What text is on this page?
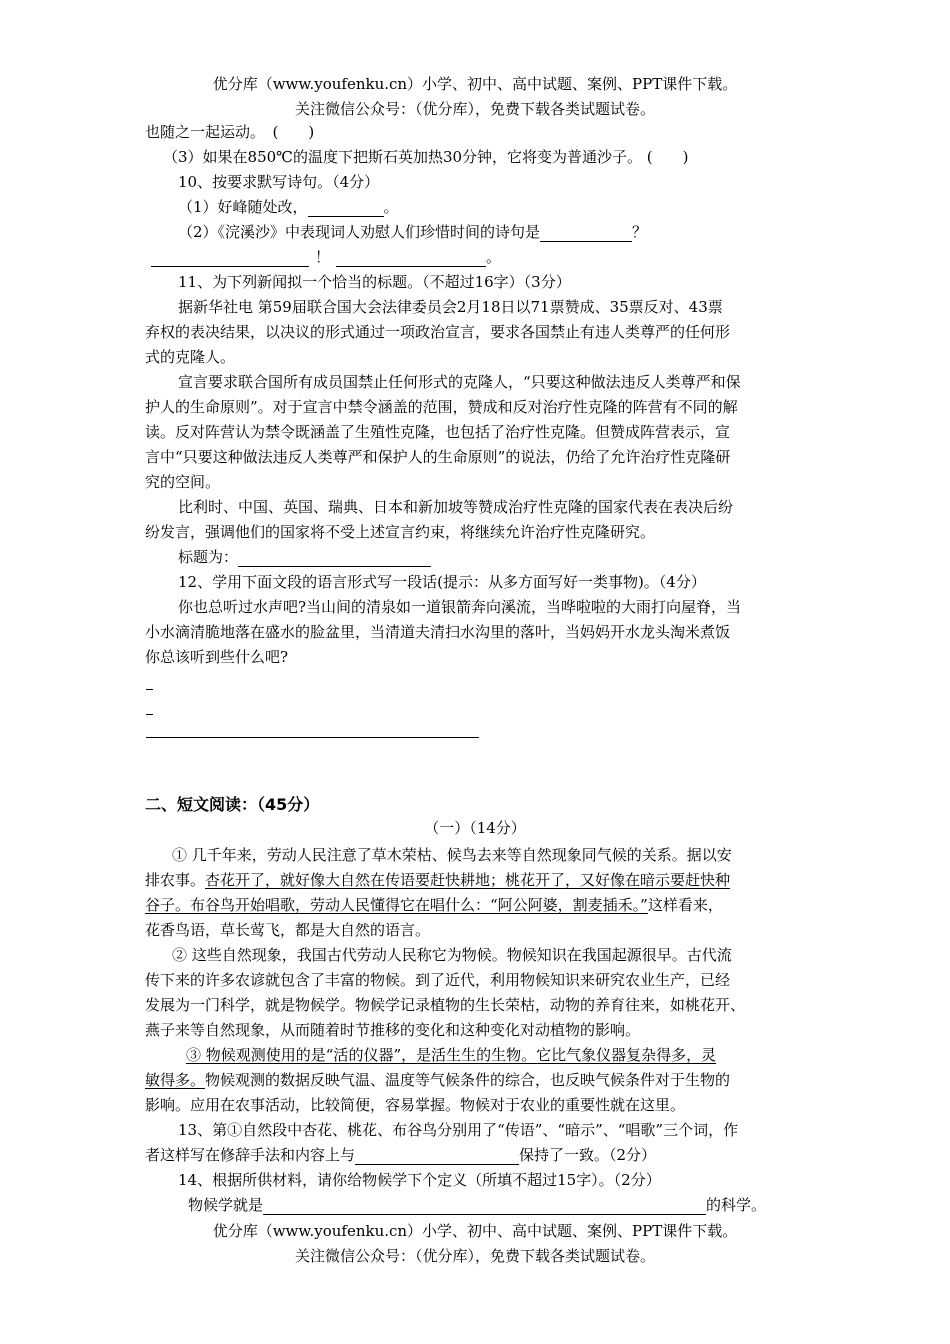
优分库（www.youfenku.cn）小学、初中、高中试题、案例、PPT课件下载。
关注微信公众号：（优分库），免费下载各类试题试卷。
也随之一起运动。　(　　)
（3）如果在850℃的温度下把斯石英加热30分钟，它将变为普通沙子。 (　　)
10、按要求默写诗句。（4分）
（1）好峰随处改，	。
（2）《浣溪沙》中表现词人劝慰人们珍惜时间的诗句是	？
！	。
11、为下列新闻拟一个恰当的标题。（不超过16字）（3分）
据新华社电 第59届联合国大会法律委员会2月18日以71票赞成、35票反对、43票
弃权的表决结果，以决议的形式通过一项政治宣言，要求各国禁止有违人类尊严的任何形
式的克隆人。
宣言要求联合国所有成员国禁止任何形式的克隆人，“只要这种做法违反人类尊严和保
护人的生命原则”。对于宣言中禁令涵盖的范围，赞成和反对治疗性克隆的阵营有不同的解
读。反对阵营认为禁令既涵盖了生殖性克隆，也包括了治疗性克隆。但赞成阵营表示，宣
言中“只要这种做法违反人类尊严和保护人的生命原则”的说法，仍给了允许治疗性克隆研
究的空间。
比利时、中国、英国、瑞典、日本和新加坡等赞成治疗性克隆的国家代表在表决后纷
纷发言，强调他们的国家将不受上述宣言约束，将继续允许治疗性克隆研究。
标题为：
12、学用下面文段的语言形式写一段话(提示：从多方面写好一类事物)。（4分）
你也总听过水声吧?当山间的清泉如一道银箭奔向溪流，当哗啦啦的大雨打向屋脊，当
小水滴清脆地落在盛水的脸盆里，当清道夫清扫水沟里的落叶，当妈妈开水龙头淘米煮饭
你总该听到些什么吧?
二、短文阅读：（45分）
（一）（14分）
① 几千年来，劳动人民注意了草木荣枯、候鸟去来等自然现象同气候的关系。据以安
排农事。杏花开了，就好像大自然在传语要赶快耕地；桃花开了，又好像在暗示要赶快种
谷子。布谷鸟开始唱歌，劳动人民懂得它在唱什么：“阿公阿婆，割麦插禾。”这样看来，
花香鸟语，草长莺飞，都是大自然的语言。
② 这些自然现象，我国古代劳动人民称它为物候。物候知识在我国起源很早。古代流
传下来的许多农谚就包含了丰富的物候。到了近代，利用物候知识来研究农业生产，已经
发展为一门科学，就是物候学。物候学记录植物的生长荣枯，动物的养育往来，如桃花开、
燕子来等自然现象，从而随着时节推移的变化和这种变化对动植物的影响。
③ 物候观测使用的是“活的仪器”，是活生生的生物。它比气象仪器复杂得多，灵
敏得多。物候观测的数据反映气温、温度等气候条件的综合，也反映气候条件对于生物的
影响。应用在农事活动，比较简便，容易掌握。物候对于农业的重要性就在这里。
13、第①自然段中杏花、桃花、布谷鸟分别用了“传语”、“暗示”、“唱歌”三个词，作
者这样写在修辞手法和内容上与	保持了一致。（2分）
14、根据所供材料，请你给物候学下个定义（所填不超过15字）。（2分）
物候学就是	的科学。
优分库（www.youfenku.cn）小学、初中、高中试题、案例、PPT课件下载。
关注微信公众号：（优分库），免费下载各类试题试卷。
